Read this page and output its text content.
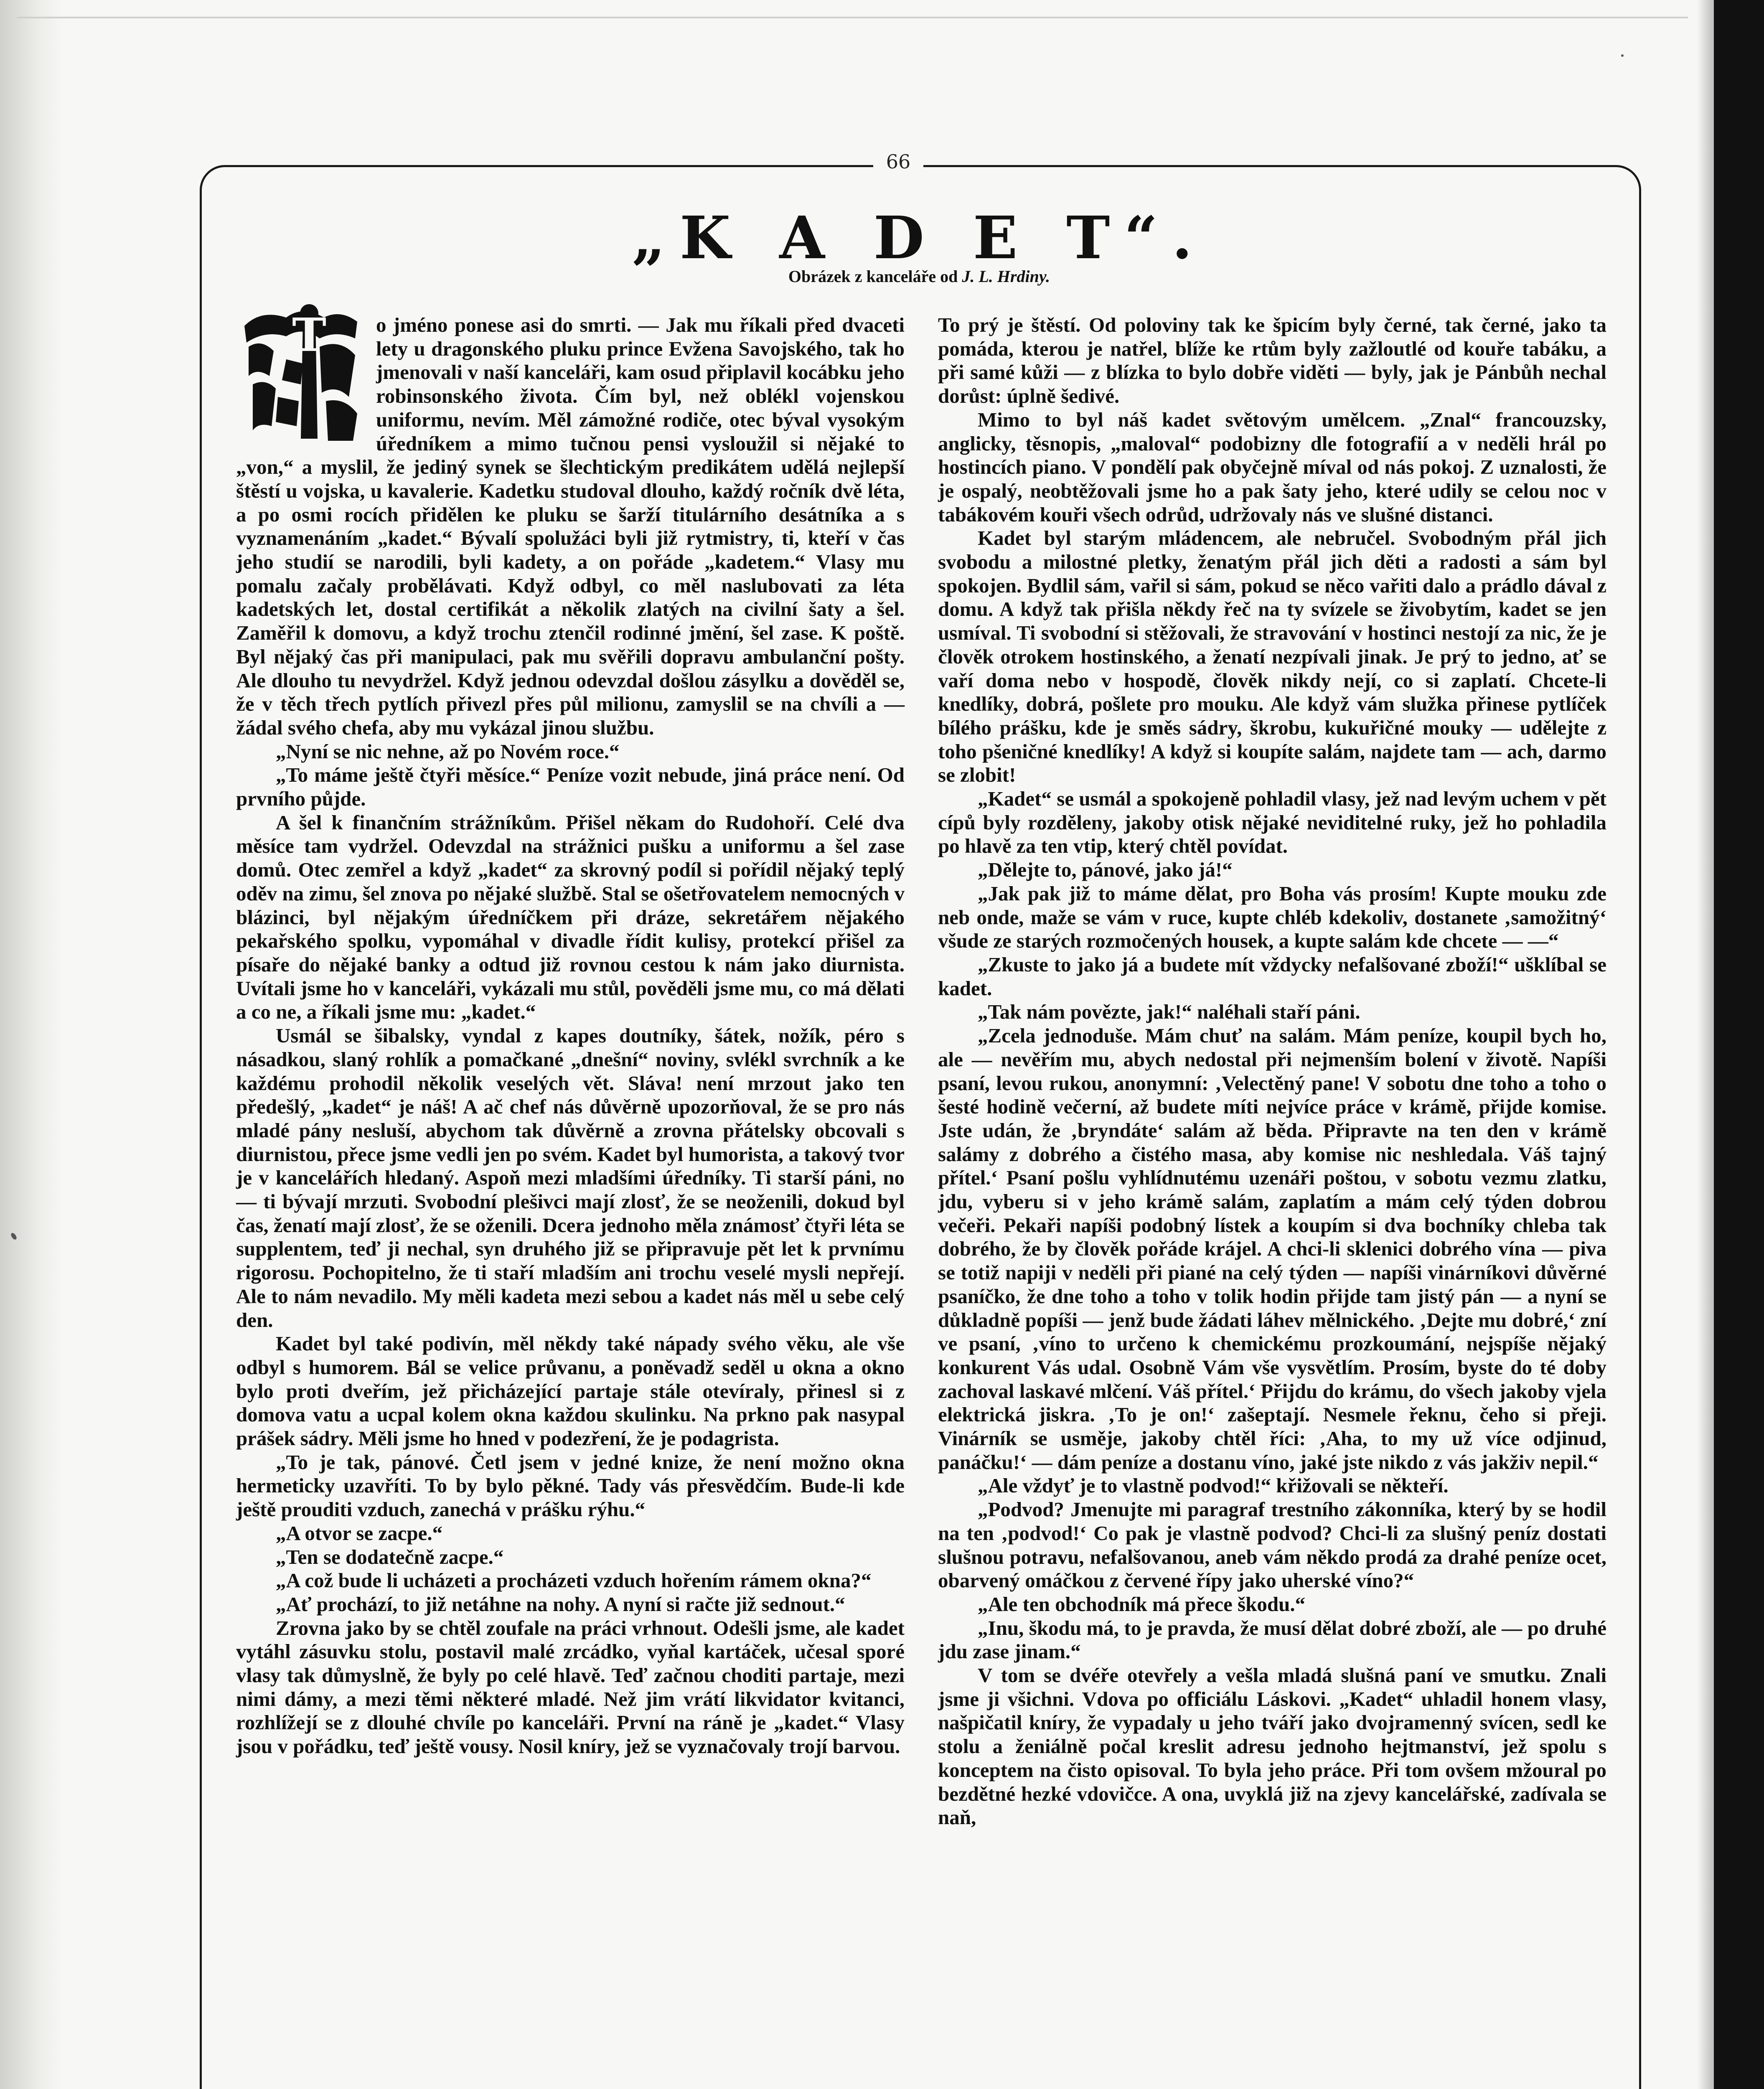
66
„K A D E T“.
Obrázek z kanceláře od J. L. Hrdiny.
T	o jméno ponese asi do smrti. — Jak mu říkali před dvaceti lety u dragonského pluku prince Evžena Savojského, tak ho jmenovali v naší kanceláři, kam osud připlavil kocábku jeho robinsonského života. Čím byl, než oblékl vojenskou uniformu, nevím. Měl zámožné rodiče, otec býval vysokým úředníkem a mimo tučnou pensi vysloužil si nějaké to „von,“ a myslil, že jediný synek se šlechtickým predikátem udělá nejlepší štěstí u vojska, u kavalerie. Kadetku studoval dlouho, každý ročník dvě léta, a po osmi rocích přidělen ke pluku se šarží titulárního desátníka a s vyznamenáním „kadet.“ Bývalí spolužáci byli již rytmistry, ti, kteří v čas jeho studií se narodili, byli kadety, a on pořáde „kadetem.“ Vlasy mu pomalu začaly probělávati. Když odbyl, co měl naslubovati za léta kadetských let, dostal certifikát a několik zlatých na civilní šaty a šel. Zaměřil k domovu, a když trochu ztenčil rodinné jmění, šel zase. K poště. Byl nějaký čas při manipulaci, pak mu svěřili dopravu ambulanční pošty. Ale dlouho tu nevydržel. Když jednou odevzdal došlou zásylku a dověděl se, že v těch třech pytlích přivezl přes půl milionu, zamyslil se na chvíli a — žádal svého chefa, aby mu vykázal jinou službu.

„Nyní se nic nehne, až po Novém roce.“

„To máme ještě čtyři měsíce.“ Peníze vozit nebude, jiná práce není. Od prvního půjde.

A šel k finančním strážníkům. Přišel někam do Rudohoří. Celé dva měsíce tam vydržel. Odevzdal na strážnici pušku a uniformu a šel zase domů. Otec zemřel a když „kadet“ za skrovný podíl si pořídil nějaký teplý oděv na zimu, šel znova po nějaké službě. Stal se ošetřovatelem nemocných v blázinci, byl nějakým úředníčkem při dráze, sekretářem nějakého pekařského spolku, vypomáhal v divadle řídit kulisy, protekcí přišel za písaře do nějaké banky a odtud již rovnou cestou k nám jako diurnista. Uvítali jsme ho v kanceláři, vykázali mu stůl, pověděli jsme mu, co má dělati a co ne, a říkali jsme mu: „kadet.“

Usmál se šibalsky, vyndal z kapes doutníky, šátek, nožík, péro s násadkou, slaný rohlík a pomačkané „dnešní“ noviny, svlékl svrchník a ke každému prohodil několik veselých vět. Sláva! není mrzout jako ten předešlý, „kadet“ je náš! A ač chef nás důvěrně upozorňoval, že se pro nás mladé pány nesluší, abychom tak důvěrně a zrovna přátelsky obcovali s diurnistou, přece jsme vedli jen po svém. Kadet byl humorista, a takový tvor je v kancelářích hledaný. Aspoň mezi mladšími úředníky. Ti starší páni, no — ti bývají mrzuti. Svobodní plešivci mají zlosť, že se neoženili, dokud byl čas, ženatí mají zlosť, že se oženili. Dcera jednoho měla známosť čtyři léta se supplentem, teď ji nechal, syn druhého již se připravuje pět let k prvnímu rigorosu. Pochopitelno, že ti staří mladším ani trochu veselé mysli nepřejí. Ale to nám nevadilo. My měli kadeta mezi sebou a kadet nás měl u sebe celý den.

Kadet byl také podivín, měl někdy také nápady svého věku, ale vše odbyl s humorem. Bál se velice průvanu, a poněvadž seděl u okna a okno bylo proti dveřím, jež přicházející partaje stále otevíraly, přinesl si z domova vatu a ucpal kolem okna každou skulinku. Na prkno pak nasypal prášek sádry. Měli jsme ho hned v podezření, že je podagrista.

„To je tak, pánové. Četl jsem v jedné knize, že není možno okna hermeticky uzavříti. To by bylo pěkné. Tady vás přesvědčím. Bude-li kde ještě prouditi vzduch, zanechá v prášku rýhu.“

„A otvor se zacpe.“

„Ten se dodatečně zacpe.“

„A což bude li ucházeti a procházeti vzduch hořením rámem okna?“

„Ať prochází, to již netáhne na nohy. A nyní si račte již sednout.“

Zrovna jako by se chtěl zoufale na práci vrhnout. Odešli jsme, ale kadet vytáhl zásuvku stolu, postavil malé zrcádko, vyňal kartáček, učesal sporé vlasy tak důmyslně, že byly po celé hlavě. Teď začnou choditi partaje, mezi nimi dámy, a mezi těmi některé mladé. Než jim vrátí likvidator kvitanci, rozhlížejí se z dlouhé chvíle po kanceláři. První na ráně je „kadet.“ Vlasy jsou v pořádku, teď ještě vousy. Nosil kníry, jež se vyznačovaly trojí barvou.

To prý je štěstí. Od poloviny tak ke špicím byly černé, tak černé, jako ta pomáda, kterou je natřel, blíže ke rtům byly zažloutlé od kouře tabáku, a při samé kůži — z blízka to bylo dobře viděti — byly, jak je Pánbůh nechal dorůst: úplně šedivé.

Mimo to byl náš kadet světovým umělcem. „Znal“ francouzsky, anglicky, těsnopis, „maloval“ podobizny dle fotografií a v neděli hrál po hostincích piano. V pondělí pak obyčejně míval od nás pokoj. Z uznalosti, že je ospalý, neobtěžovali jsme ho a pak šaty jeho, které udily se celou noc v tabákovém kouři všech odrůd, udržovaly nás ve slušné distanci.

Kadet byl starým mládencem, ale nebručel. Svobodným přál jich svobodu a milostné pletky, ženatým přál jich děti a radosti a sám byl spokojen. Bydlil sám, vařil si sám, pokud se něco vařiti dalo a prádlo dával z domu. A když tak přišla někdy řeč na ty svízele se živobytím, kadet se jen usmíval. Ti svobodní si stěžovali, že stravování v hostinci nestojí za nic, že je člověk otrokem hostinského, a ženatí nezpívali jinak. Je prý to jedno, ať se vaří doma nebo v hospodě, člověk nikdy nejí, co si zaplatí. Chcete-li knedlíky, dobrá, pošlete pro mouku. Ale když vám služka přinese pytlíček bílého prášku, kde je směs sádry, škrobu, kukuřičné mouky — udělejte z toho pšeničné knedlíky! A když si koupíte salám, najdete tam — ach, darmo se zlobit!

„Kadet“ se usmál a spokojeně pohladil vlasy, jež nad levým uchem v pět cípů byly rozděleny, jakoby otisk nějaké neviditelné ruky, jež ho pohladila po hlavě za ten vtip, který chtěl povídat.

„Dělejte to, pánové, jako já!“

„Jak pak již to máme dělat, pro Boha vás prosím! Kupte mouku zde neb onde, maže se vám v ruce, kupte chléb kdekoliv, dostanete ‚samožitný‘ všude ze starých rozmočených housek, a kupte salám kde chcete — —“

„Zkuste to jako já a budete mít vždycky nefalšované zboží!“ ušklíbal se kadet.

„Tak nám povězte, jak!“ naléhali staří páni.

„Zcela jednoduše. Mám chuť na salám. Mám peníze, koupil bych ho, ale — nevěřím mu, abych nedostal při nejmenším bolení v životě. Napíši psaní, levou rukou, anonymní: ‚Velectěný pane! V sobotu dne toho a toho o šesté hodině večerní, až budete míti nejvíce práce v krámě, přijde komise. Jste udán, že ‚bryndáte‘ salám až běda. Připravte na ten den v krámě salámy z dobrého a čistého masa, aby komise nic neshledala. Váš tajný přítel.‘ Psaní pošlu vyhlídnutému uzenáři poštou, v sobotu vezmu zlatku, jdu, vyberu si v jeho krámě salám, zaplatím a mám celý týden dobrou večeři. Pekaři napíši podobný lístek a koupím si dva bochníky chleba tak dobrého, že by člověk pořáde krájel. A chci-li sklenici dobrého vína — piva se totiž napiji v neděli při piané na celý týden — napíši vinárníkovi důvěrné psaníčko, že dne toho a toho v tolik hodin přijde tam jistý pán — a nyní se důkladně popíši — jenž bude žádati láhev mělnického. ‚Dejte mu dobré,‘ zní ve psaní, ‚víno to určeno k chemickému prozkoumání, nejspíše nějaký konkurent Vás udal. Osobně Vám vše vysvětlím. Prosím, byste do té doby zachoval laskavé mlčení. Váš přítel.‘ Přijdu do krámu, do všech jakoby vjela elektrická jiskra. ‚To je on!‘ zašeptají. Nesmele řeknu, čeho si přeji. Vinárník se usměje, jakoby chtěl říci: ‚Aha, to my už více odjinud, panáčku!‘ — dám peníze a dostanu víno, jaké jste nikdo z vás jakživ nepil.“

„Ale vždyť je to vlastně podvod!“ křižovali se někteří.

„Podvod? Jmenujte mi paragraf trestního zákonníka, který by se hodil na ten ‚podvod!‘ Co pak je vlastně podvod? Chci-li za slušný peníz dostati slušnou potravu, nefalšovanou, aneb vám někdo prodá za drahé peníze ocet, obarvený omáčkou z červené řípy jako uherské víno?“

„Ale ten obchodník má přece škodu.“

„Inu, škodu má, to je pravda, že musí dělat dobré zboží, ale — po druhé jdu zase jinam.“

V tom se dvéře otevřely a vešla mladá slušná paní ve smutku. Znali jsme ji všichni. Vdova po officiálu Láskovi. „Kadet“ uhladil honem vlasy, našpičatil kníry, že vypadaly u jeho tváří jako dvojramenný svícen, sedl ke stolu a ženiálně počal kreslit adresu jednoho hejtmanství, jež spolu s konceptem na čisto opisoval. To byla jeho práce. Při tom ovšem mžoural po bezdětné hezké vdovičce. A ona, uvyklá již na zjevy kancelářské, zadívala se naň,
